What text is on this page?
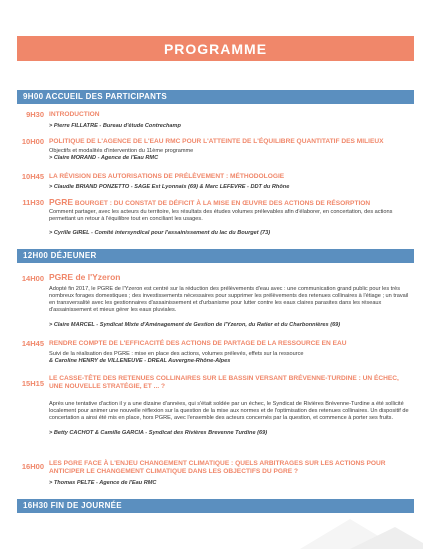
PROGRAMME
9H00 ACCUEIL DES PARTICIPANTS
9H30 INTRODUCTION
> Pierre FILLATRE - Bureau d'étude Contrechamp
10H00 POLITIQUE DE L'AGENCE DE L'EAU RMC POUR L'ATTEINTE DE L'ÉQUILIBRE QUANTITATIF DES MILIEUX
Objectifs et modalités d'intervention du 11ème programme
> Claire MORAND - Agence de l'Eau RMC
10H45 LA RÉVISION DES AUTORISATIONS DE PRÉLÈVEMENT : MÉTHODOLOGIE
> Claudie BRIAND PONZETTO - SAGE Est Lyonnais (69) & Marc LEFEVRE - DDT du Rhône
11H30 PGRE BOURGET : DU CONSTAT DE DÉFICIT À LA MISE EN ŒUVRE DES ACTIONS DE RÉSORPTION
Comment partager, avec les acteurs du territoire, les résultats des études volumes prélevables afin d'élaborer, en concertation, des actions permettant un retour à l'équilibre tout en conciliant les usages.
> Cyrille GIREL - Comité intersyndical pour l'assainissement du lac du Bourget (73)
12H00 DÉJEUNER
14H00 PGRE de l'Yzeron
Adopté fin 2017, le PGRE de l'Yzeron est centré sur la réduction des prélèvements d'eau avec : une communication grand public pour les très nombreux forages domestiques ; des investissements nécessaires pour supprimer les prélèvements des retenues collinaires à l'étiage ; un travail en transversalité avec les gestionnaires d'assainissement et d'urbanisme pour lutter contre les eaux claires parasites dans les réseaux d'assainissement et mieux gérer les eaux pluviales.
> Claire MARCEL - Syndicat Mixte d'Aménagement de Gestion de l'Yzeron, du Ratier et du Charbonnières (69)
14H45 RENDRE COMPTE DE L'EFFICACITÉ DES ACTIONS DE PARTAGE DE LA RESSOURCE EN EAU
Suivi de la réalisation des PGRE : mise en place des actions, volumes prélevés, effets sur la ressource
& Caroline HENRY de VILLENEUVE - DREAL Auvergne-Rhône-Alpes
15H15
LE CASSE-TÊTE DES RETENUES COLLINAIRES SUR LE BASSIN VERSANT BRÉVENNE-TURDINE : UN ÉCHEC, UNE NOUVELLE STRATÉGIE, ET ... ?
Après une tentative d'action il y a une dizaine d'années, qui s'était soldée par un échec, le Syndicat de Rivières Brévenne-Turdine a été sollicité localement pour animer une nouvelle réflexion sur la question de la mise aux normes et de l'optimisation des retenues collinaires. Un dispositif de concertation a ainsi été mis en place, hors PGRE, avec l'ensemble des acteurs concernés par la question, et commence à porter ses fruits.
> Betty CACHOT & Camille GARCIA - Syndicat des Rivières Brevenne Turdine (69)
16H00 LES PGRE FACE À L'ENJEU CHANGEMENT CLIMATIQUE : QUELS ARBITRAGES SUR LES ACTIONS POUR ANTICIPER LE CHANGEMENT CLIMATIQUE DANS LES OBJECTIFS DU PGRE ?
> Thomas PELTE - Agence de l'Eau RMC
16H30 FIN DE JOURNÉE
